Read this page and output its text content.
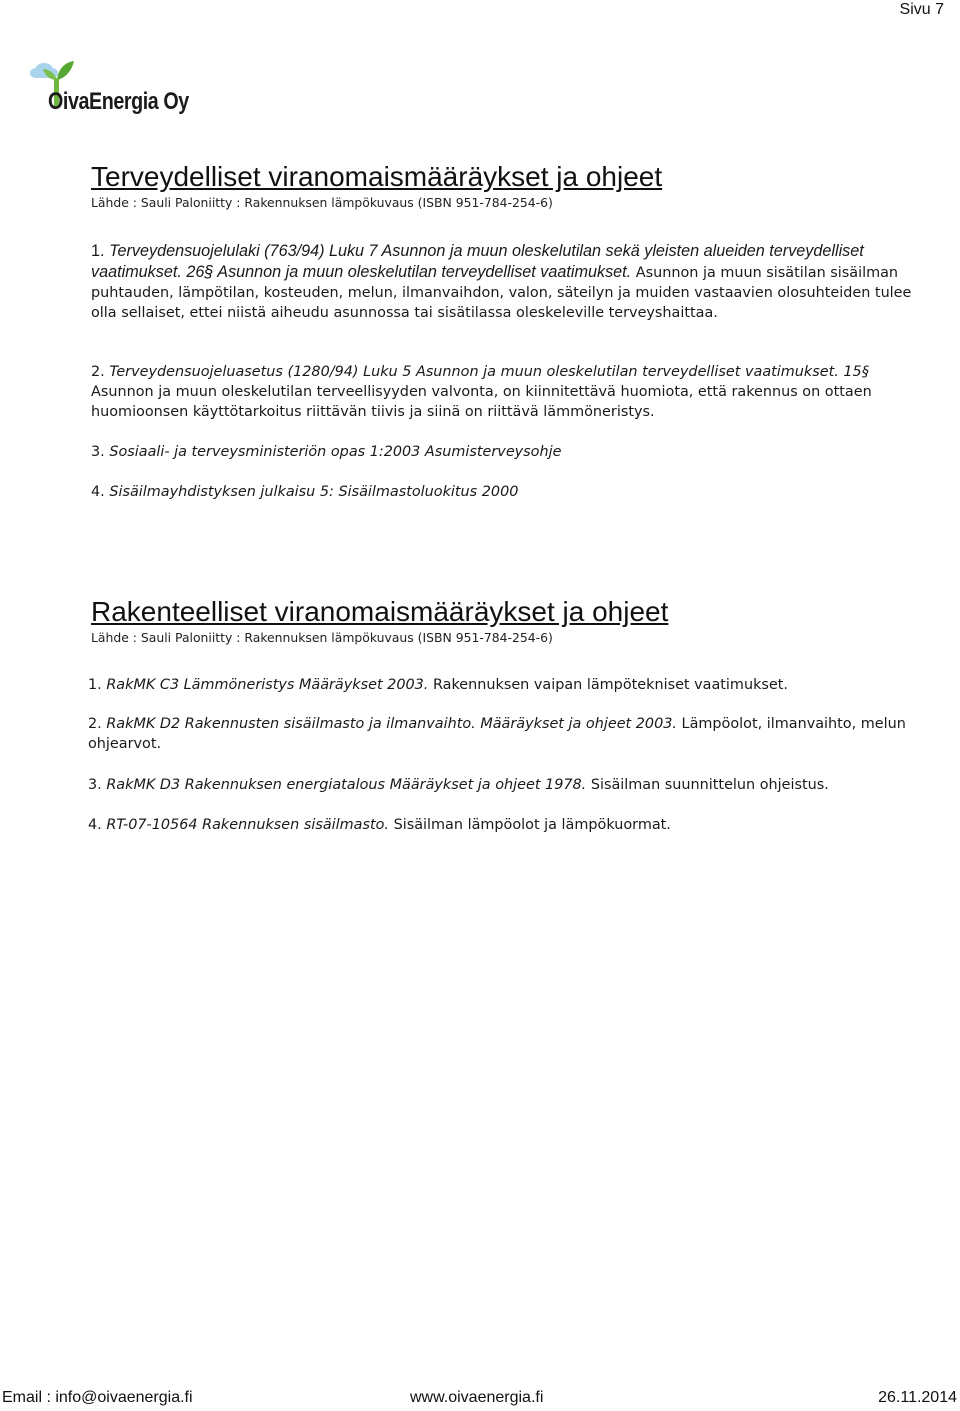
Sivu 7
OivaEnergia Oy
Terveydelliset viranomaismääräykset ja ohjeet
Lähde : Sauli Paloniitty : Rakennuksen lämpökuvaus (ISBN 951-784-254-6)

1. Terveydensuojelulaki (763/94) Luku 7 Asunnon ja muun oleskelutilan sekä yleisten alueiden terveydelliset vaatimukset. 26§ Asunnon ja muun oleskelutilan terveydelliset vaatimukset. Asunnon ja muun sisätilan sisäilman puhtauden, lämpötilan, kosteuden, melun, ilmanvaihdon, valon, säteilyn ja muiden vastaavien olosuhteiden tulee olla sellaiset, ettei niistä aiheudu asunnossa tai sisätilassa oleskeleville terveyshaittaa.

2. Terveydensuojeluasetus (1280/94) Luku 5 Asunnon ja muun oleskelutilan terveydelliset vaatimukset. 15§ Asunnon ja muun oleskelutilan terveellisyyden valvonta, on kiinnitettävä huomiota, että rakennus on ottaen huomioonsen käyttötarkoitus riittävän tiivis ja siinä on riittävä lämmöneristys.

3. Sosiaali- ja terveysministeriön opas 1:2003 Asumisterveysohje

4. Sisäilmayhdistyksen julkaisu 5: Sisäilmastoluokitus 2000

Rakenteelliset viranomaismääräykset ja ohjeet
Lähde : Sauli Paloniitty : Rakennuksen lämpökuvaus (ISBN 951-784-254-6)

1. RakMK C3 Lämmöneristys Määräykset 2003. Rakennuksen vaipan lämpötekniset vaatimukset.

2. RakMK D2 Rakennusten sisäilmasto ja ilmanvaihto. Määräykset ja ohjeet 2003. Lämpöolot, ilmanvaihto, melun ohjearvot.

3. RakMK D3 Rakennuksen energiatalous Määräykset ja ohjeet 1978. Sisäilman suunnittelun ohjeistus.

4. RT-07-10564 Rakennuksen sisäilmasto. Sisäilman lämpöolot ja lämpökuormat.

Email : info@oivaenergia.fi	www.oivaenergia.fi	26.11.2014
